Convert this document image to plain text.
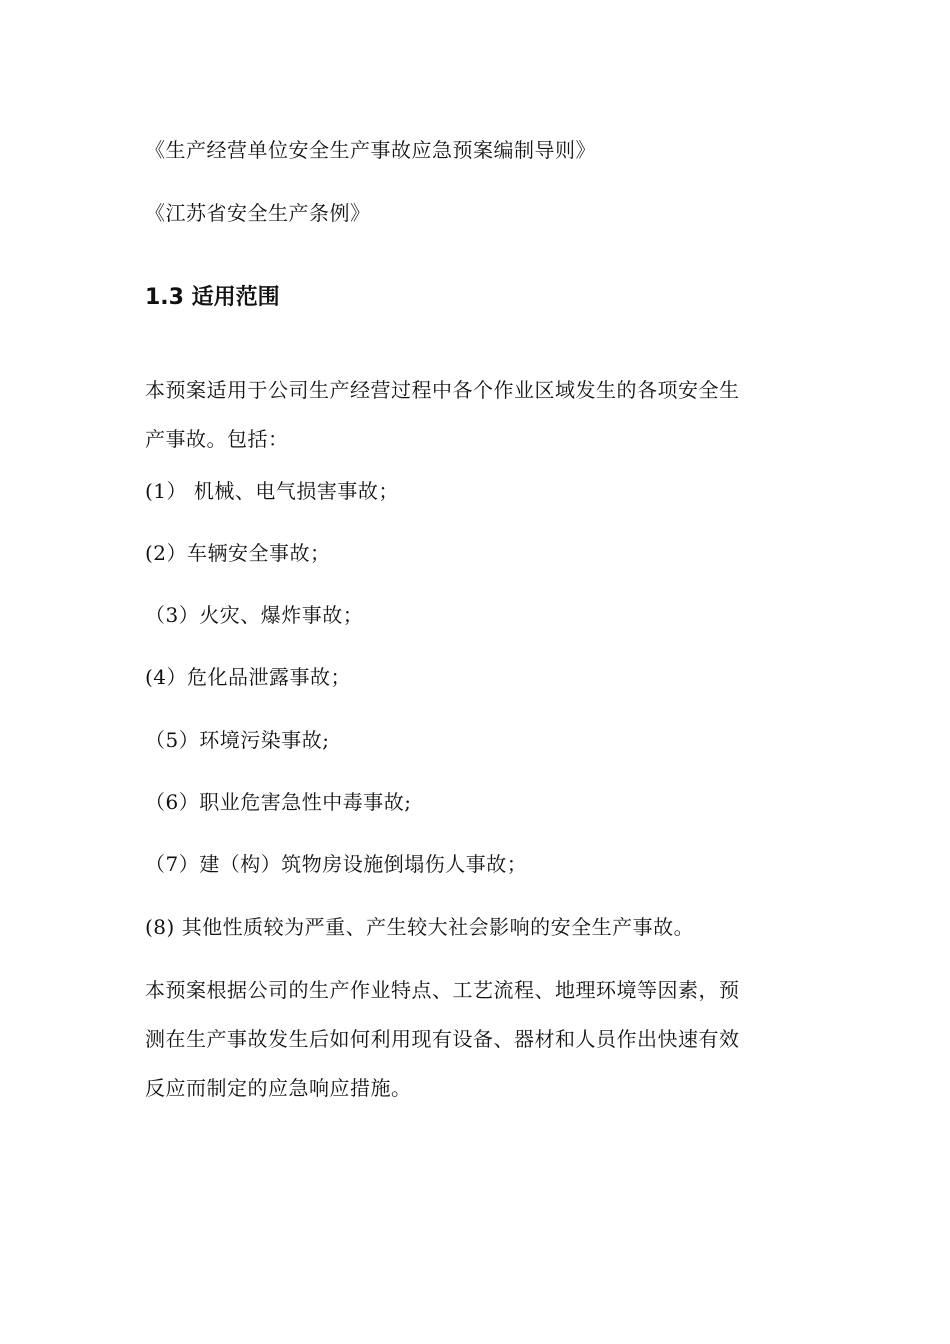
《生产经营单位安全生产事故应急预案编制导则》
《江苏省安全生产条例》
1.3 适用范围
本预案适用于公司生产经营过程中各个作业区域发生的各项安全生
产事故。包括：
(1） 机械、电气损害事故；
(2）车辆安全事故；
（3）火灾、爆炸事故；
(4）危化品泄露事故；
（5）环境污染事故;
（6）职业危害急性中毒事故;
（7）建（构）筑物房设施倒塌伤人事故；
(8) 其他性质较为严重、产生较大社会影响的安全生产事故。
本预案根据公司的生产作业特点、工艺流程、地理环境等因素，预
测在生产事故发生后如何利用现有设备、器材和人员作出快速有效
反应而制定的应急响应措施。
